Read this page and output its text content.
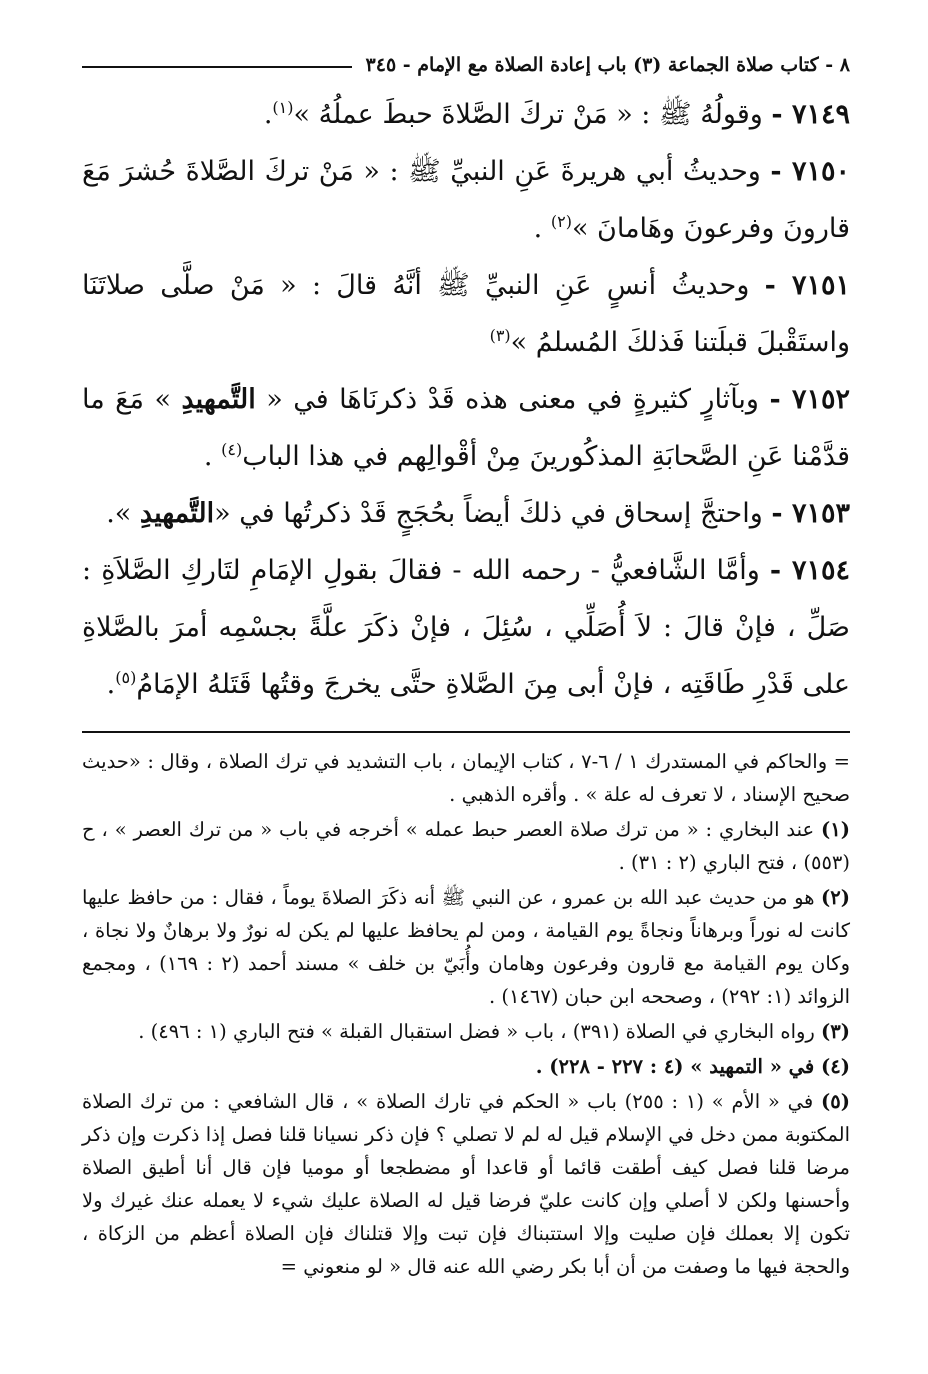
٨ - كتاب صلاة الجماعة (٣) باب إعادة الصلاة مع الإمام - ٣٤٥

٧١٤٩ - وقولُهُ ﷺ : « مَنْ تركَ الصَّلاةَ حبطَ عملُهُ »$^{(١)}$.

٧١٥٠ - وحديثُ أبي هريرةَ عَنِ النبيِّ ﷺ : « مَنْ تركَ الصَّلاةَ حُشرَ مَعَ قارونَ وفرعونَ وهَامانَ »$^{(٢)}$ .

٧١٥١ - وحديثُ أنسٍ عَنِ النبيِّ ﷺ أنَّهُ قالَ : « مَنْ صلَّى صلاتَنَا واستَقْبلَ قبلَتنا فَذلكَ المُسلمُ »$^{(٣)}$

٧١٥٢ - وبآثارٍ كثيرةٍ في معنى هذه قَدْ ذكرنَاهَا في « التَّمهيدِ » مَعَ ما قدَّمْنا عَنِ الصَّحابَةِ المذكُورينَ مِنْ أقْوالِهم في هذا الباب$^{(٤)}$ .

٧١٥٣ - واحتجَّ إسحاق في ذلكَ أيضاً بحُجَجٍ قَدْ ذكرتُها في «التَّمهيدِ ».

٧١٥٤ - وأمَّا الشَّافعيُّ - رحمه الله - فقالَ بقولِ الإمَامِ لتَاركِ الصَّلاَةِ : صَلِّ ، فإنْ قالَ : لاَ أُصَلِّي ، سُئِلَ ، فإنْ ذكَرَ علَّةً بجسْمِه أمرَ بالصَّلاةِ على قَدْرِ طَاقَتِه ، فإنْ أبى مِنَ الصَّلاةِ حتَّى يخرجَ وقتُها قَتَلهُ الإمَامُ$^{(٥)}$.

= والحاكم في المستدرك ١ / ٦-٧ ، كتاب الإيمان ، باب التشديد في ترك الصلاة ، وقال : «حديث صحيح الإسناد ، لا تعرف له علة » . وأقره الذهبي .

(١) عند البخاري : « من ترك صلاة العصر حبط عمله » أخرجه في باب « من ترك العصر » ، ح (٥٥٣) ، فتح الباري (٢ : ٣١) .

(٢) هو من حديث عبد الله بن عمرو ، عن النبي ﷺ أنه ذكَرَ الصلاةَ يوماً ، فقال : من حافظ عليها كانت له نوراً وبرهاناً ونجاةً يوم القيامة ، ومن لم يحافظ عليها لم يكن له نورٌ ولا برهانٌ ولا نجاة ، وكان يوم القيامة مع قارون وفرعون وهامان وأُبَيّ بن خلف » مسند أحمد (٢ : ١٦٩) ، ومجمع الزوائد (١: ٢٩٢) ، وصححه ابن حبان (١٤٦٧) .

(٣) رواه البخاري في الصلاة (٣٩١) ، باب « فضل استقبال القبلة » فتح الباري (١ : ٤٩٦) .

(٤) في « التمهيد » (٤ : ٢٢٧ - ٢٢٨) .

(٥) في « الأم » (١ : ٢٥٥) باب « الحكم في تارك الصلاة » ، قال الشافعي : من ترك الصلاة المكتوبة ممن دخل في الإسلام قيل له لم لا تصلي ؟ فإن ذكر نسيانا قلنا فصل إذا ذكرت وإن ذكر مرضا قلنا فصل كيف أطقت قائما أو قاعدا أو مضطجعا أو موميا فإن قال أنا أطيق الصلاة وأحسنها ولكن لا أصلي وإن كانت عليّ فرضا قيل له الصلاة عليك شيء لا يعمله عنك غيرك ولا تكون إلا بعملك فإن صليت وإلا استتبناك فإن تبت وإلا قتلناك فإن الصلاة أعظم من الزكاة ، والحجة فيها ما وصفت من أن أبا بكر رضي الله عنه قال « لو منعوني =
